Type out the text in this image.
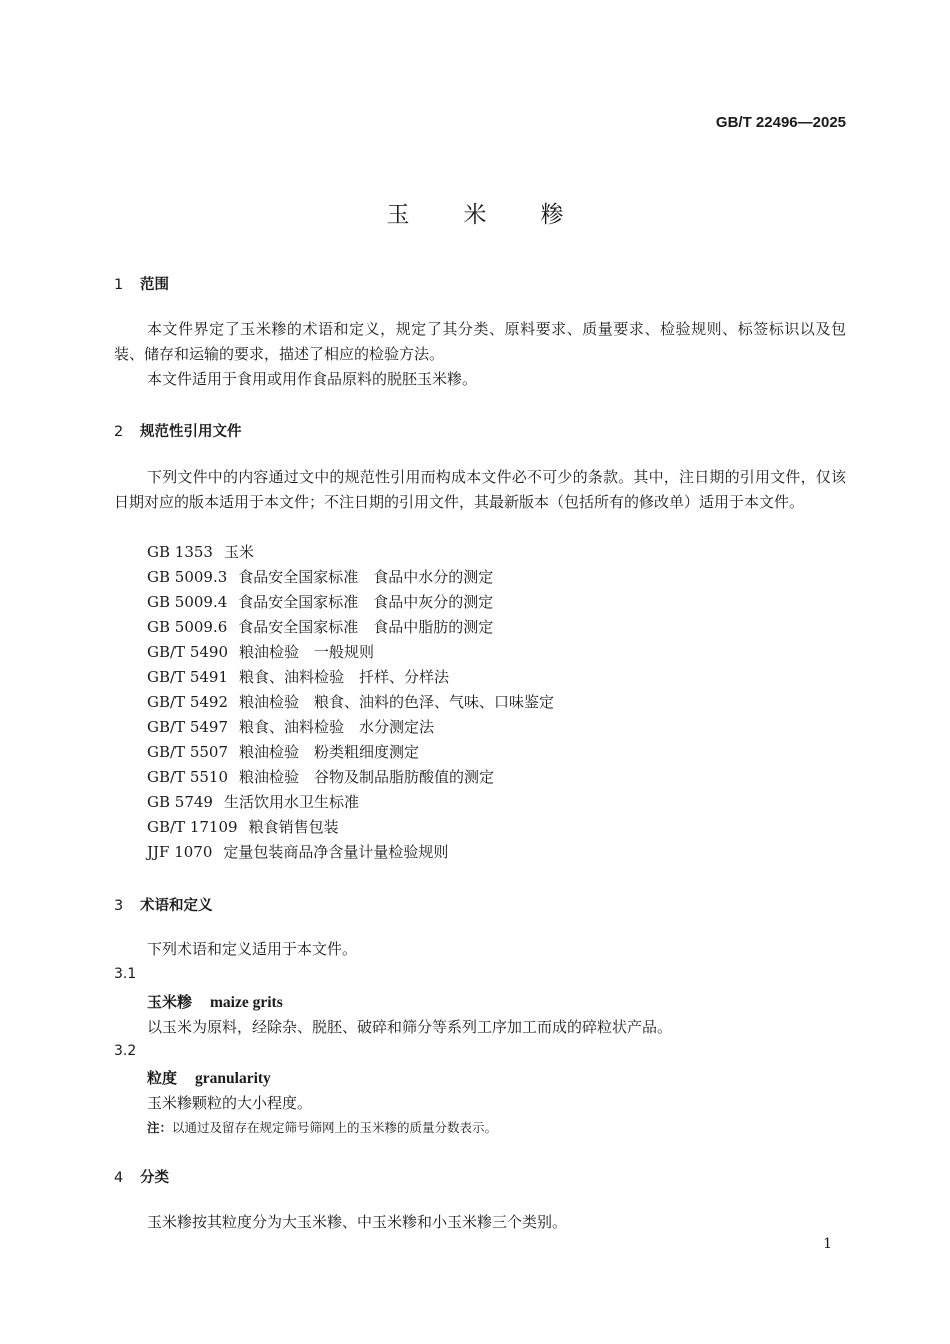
GB/T 22496—2025
玉米糁
1 范围
本文件界定了玉米糁的术语和定义，规定了其分类、原料要求、质量要求、检验规则、标签标识以及包装、储存和运输的要求，描述了相应的检验方法。
本文件适用于食用或用作食品原料的脱胚玉米糁。
2 规范性引用文件
下列文件中的内容通过文中的规范性引用而构成本文件必不可少的条款。其中，注日期的引用文件，仅该日期对应的版本适用于本文件；不注日期的引用文件，其最新版本（包括所有的修改单）适用于本文件。
GB 1353 玉米
GB 5009.3 食品安全国家标准　食品中水分的测定
GB 5009.4 食品安全国家标准　食品中灰分的测定
GB 5009.6 食品安全国家标准　食品中脂肪的测定
GB/T 5490 粮油检验　一般规则
GB/T 5491 粮食、油料检验　扦样、分样法
GB/T 5492 粮油检验　粮食、油料的色泽、气味、口味鉴定
GB/T 5497 粮食、油料检验　水分测定法
GB/T 5507 粮油检验　粉类粗细度测定
GB/T 5510 粮油检验　谷物及制品脂肪酸值的测定
GB 5749 生活饮用水卫生标准
GB/T 17109 粮食销售包装
JJF 1070 定量包装商品净含量计量检验规则
3 术语和定义
下列术语和定义适用于本文件。
3.1
玉米糁 maize grits
以玉米为原料，经除杂、脱胚、破碎和筛分等系列工序加工而成的碎粒状产品。
3.2
粒度 granularity
玉米糁颗粒的大小程度。
注：以通过及留存在规定筛号筛网上的玉米糁的质量分数表示。
4 分类
玉米糁按其粒度分为大玉米糁、中玉米糁和小玉米糁三个类别。
1
